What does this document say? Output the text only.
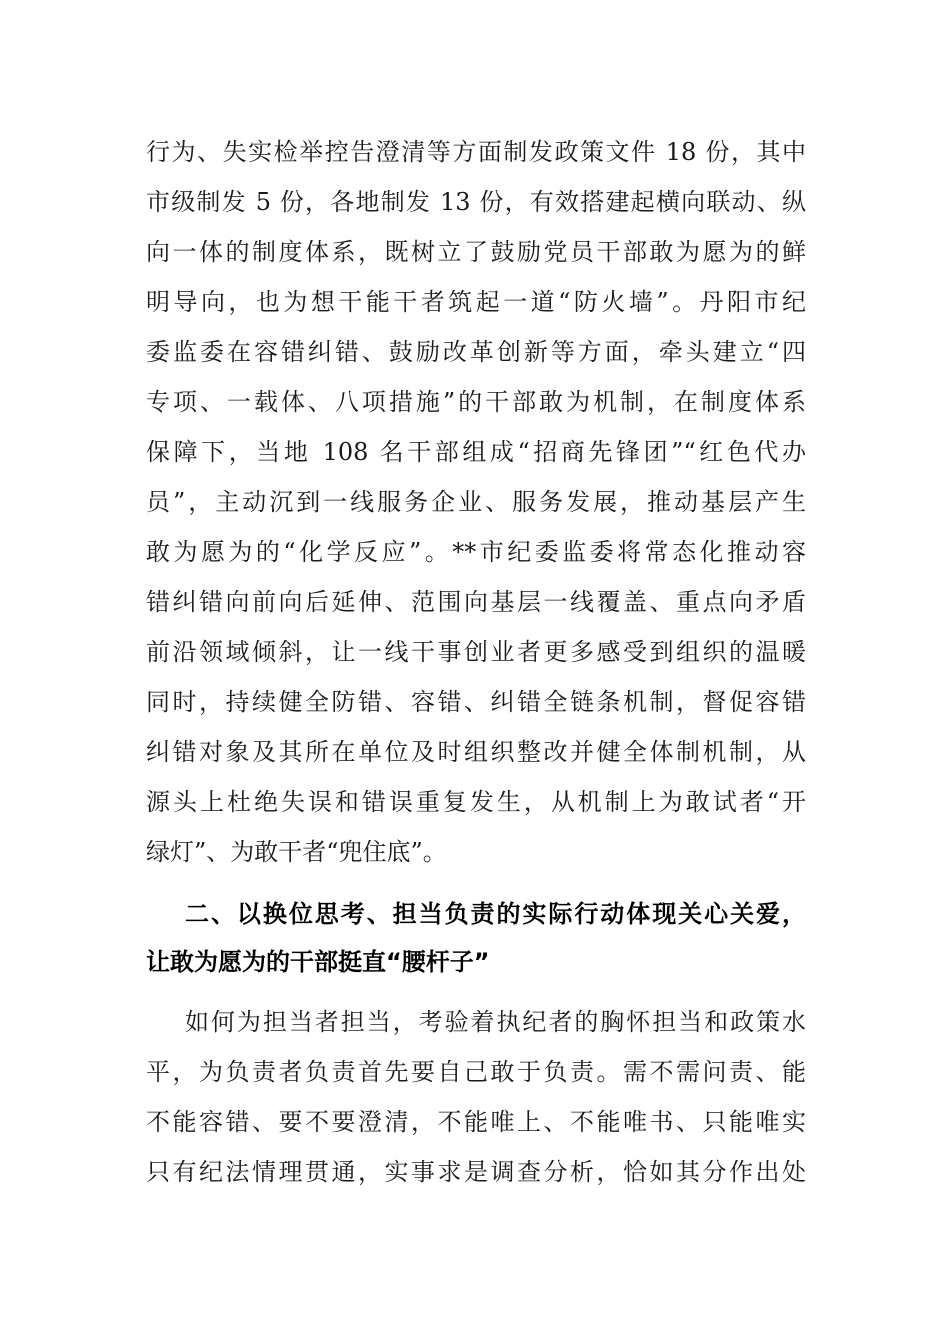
行为、失实检举控告澄清等方面制发政策文件 18 份，其中
市级制发 5 份，各地制发 13 份，有效搭建起横向联动、纵
向一体的制度体系，既树立了鼓励党员干部敢为愿为的鲜
明导向，也为想干能干者筑起一道“防火墙”。丹阳市纪
委监委在容错纠错、鼓励改革创新等方面，牵头建立“四
专项、一载体、八项措施”的干部敢为机制，在制度体系
保障下，当地 108 名干部组成“招商先锋团”“红色代办
员”，主动沉到一线服务企业、服务发展，推动基层产生
敢为愿为的“化学反应”。**市纪委监委将常态化推动容
错纠错向前向后延伸、范围向基层一线覆盖、重点向矛盾
前沿领域倾斜，让一线干事创业者更多感受到组织的温暖
同时，持续健全防错、容错、纠错全链条机制，督促容错
纠错对象及其所在单位及时组织整改并健全体制机制，从
源头上杜绝失误和错误重复发生，从机制上为敢试者“开
绿灯”、为敢干者“兜住底”。
二、以换位思考、担当负责的实际行动体现关心关爱，
让敢为愿为的干部挺直“腰杆子”
如何为担当者担当，考验着执纪者的胸怀担当和政策水
平，为负责者负责首先要自己敢于负责。需不需问责、能
不能容错、要不要澄清，不能唯上、不能唯书、只能唯实
只有纪法情理贯通，实事求是调查分析，恰如其分作出处
